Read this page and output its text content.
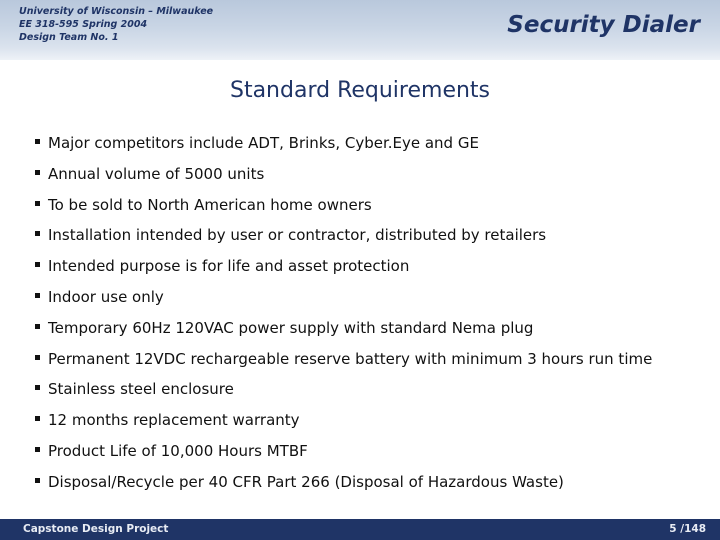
University of Wisconsin – Milwaukee
EE 318-595 Spring 2004
Design Team No. 1	Security Dialer
Standard Requirements
Major competitors include ADT, Brinks, Cyber.Eye and GE
Annual volume of 5000 units
To be sold to North American home owners
Installation intended by user or contractor, distributed by retailers
Intended purpose is for life and asset protection
Indoor use only
Temporary 60Hz 120VAC power supply with standard Nema plug
Permanent 12VDC rechargeable reserve battery with minimum 3 hours run time
Stainless steel enclosure
12 months replacement warranty
Product Life of 10,000 Hours MTBF
Disposal/Recycle per 40 CFR Part 266 (Disposal of Hazardous Waste)
Capstone Design Project	5 /148
